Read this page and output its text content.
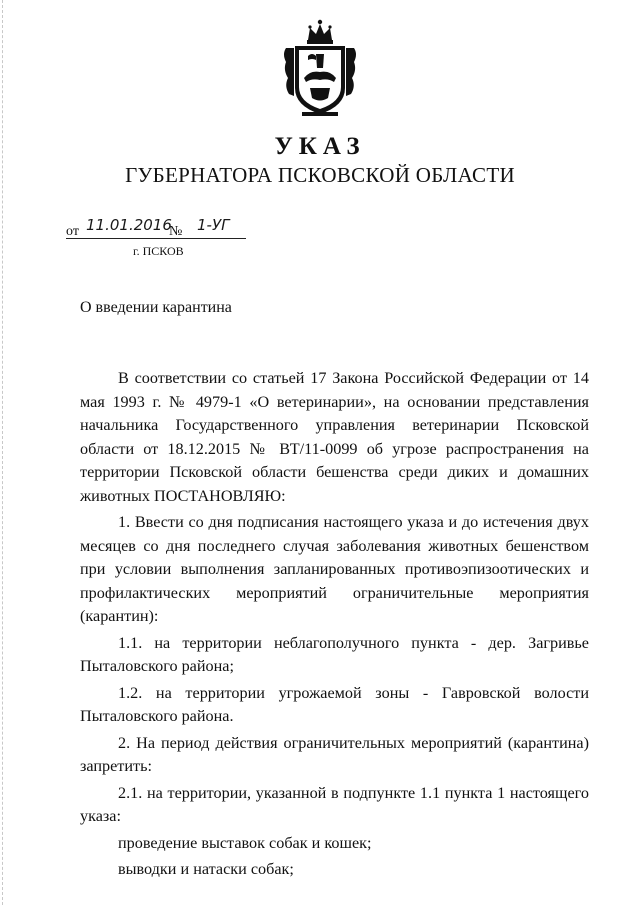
УКАЗ
ГУБЕРНАТОРА ПСКОВСКОЙ ОБЛАСТИ
от 11.01.2016
№ 1-УГ
г. ПСКОВ
О введении карантина

В соответствии со статьей 17 Закона Российской Федерации от 14 мая 1993 г. № 4979-1 «О ветеринарии», на основании представления начальника Государственного управления ветеринарии Псковской области от 18.12.2015 № ВТ/11-0099 об угрозе распространения на территории Псковской области бешенства среди диких и домашних животных ПОСТАНОВЛЯЮ:

1. Ввести со дня подписания настоящего указа и до истечения двух месяцев со дня последнего случая заболевания животных бешенством при условии выполнения запланированных противоэпизоотических и профилактических мероприятий ограничительные мероприятия (карантин):

1.1. на территории неблагополучного пункта - дер. Загривье Пыталовского района;

1.2. на территории угрожаемой зоны - Гавровской волости Пыталовского района.

2. На период действия ограничительных мероприятий (карантина) запретить:

2.1. на территории, указанной в подпункте 1.1 пункта 1 настоящего указа:

проведение выставок собак и кошек;

выводки и натаски собак;
